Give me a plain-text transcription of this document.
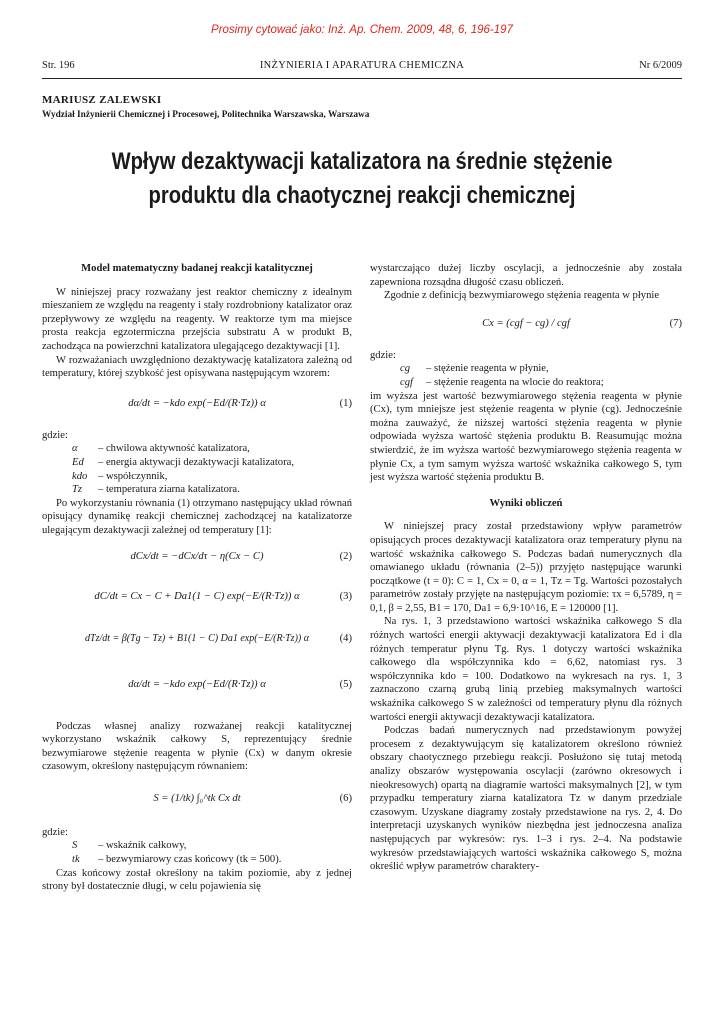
Prosimy cytować jako: Inż. Ap. Chem. 2009, 48, 6, 196-197
INŻYNIERIA I APARATURA CHEMICZNA
Str. 196	Nr 6/2009
MARIUSZ ZALEWSKI
Wydział Inżynierii Chemicznej i Procesowej, Politechnika Warszawska, Warszawa
Wpływ dezaktywacji katalizatora na średnie stężenie
produktu dla chaotycznej reakcji chemicznej
Model matematyczny badanej reakcji katalitycznej

W niniejszej pracy rozważany jest reaktor chemiczny z idealnym mieszaniem ze względu na reagenty i stały rozdrobniony katalizator oraz przepływowy ze względu na reagenty. W reaktorze tym ma miejsce prosta reakcja egzotermiczna przejścia substratu A w produkt B, zachodząca na powierzchni katalizatora ulegającego dezaktywacji [1].

W rozważaniach uwzględniono dezaktywację katalizatora zależną od temperatury, której szybkość jest opisywana następującym wzorem:

dα/dt = −kdo exp(−Ed/(R·Tz)) α	(1)

gdzie:

α	– chwilowa aktywność katalizatora,
Ed	– energia aktywacji dezaktywacji katalizatora,
kdo	– współczynnik,
Tz	– temperatura ziarna katalizatora.

Po wykorzystaniu równania (1) otrzymano następujący układ równań opisujący dynamikę reakcji chemicznej zachodzącej na katalizatorze ulegającym dezaktywacji zależnej od temperatury [1]:

dCx/dt = −dCx/dτ − η(Cx − C)	(2)
dC/dt = Cx − C + Da1(1 − C) exp(−E/(R·Tz)) α	(3)
dTz/dt = β(Tg − Tz) + B1(1 − C) Da1 exp(−E/(R·Tz)) α	(4)
dα/dt = −kdo exp(−Ed/(R·Tz)) α	(5)

Podczas własnej analizy rozważanej reakcji katalitycznej wykorzystano wskaźnik całkowy S, reprezentujący średnie bezwymiarowe stężenie reagenta w płynie (Cx) w danym okresie czasowym, określony następującym równaniem:

S = (1/tk) ∫₀^tk Cx dt	(6)

gdzie:

S	– wskaźnik całkowy,
tk	– bezwymiarowy czas końcowy (tk = 500).

Czas końcowy został określony na takim poziomie, aby z jednej strony był dostatecznie długi, w celu pojawienia się

wystarczająco dużej liczby oscylacji, a jednocześnie aby została zapewniona rozsądna długość czasu obliczeń.

Zgodnie z definicją bezwymiarowego stężenia reagenta w płynie

Cx = (cgf − cg) / cgf	(7)

gdzie:

cg	– stężenie reagenta w płynie,
cgf	– stężenie reagenta na wlocie do reaktora;

im wyższa jest wartość bezwymiarowego stężenia reagenta w płynie (Cx), tym mniejsze jest stężenie reagenta w płynie (cg). Jednocześnie można zauważyć, że niższej wartości stężenia reagenta w płynie odpowiada wyższa wartość stężenia produktu B. Reasumując można stwierdzić, że im wyższa wartość bezwymiarowego stężenia reagenta w płynie Cx, a tym samym wyższa wartość wskaźnika całkowego S, tym jest wyższa wartość stężenia produktu B.

Wyniki obliczeń

W niniejszej pracy został przedstawiony wpływ parametrów opisujących proces dezaktywacji katalizatora oraz temperatury płynu na wartość wskaźnika całkowego S. Podczas badań numerycznych dla omawianego układu (równania (2–5)) przyjęto następujące warunki początkowe (t = 0): C = 1, Cx = 0, α = 1, Tz = Tg. Wartości pozostałych parametrów zostały przyjęte na następującym poziomie: τx = 6,5789, η = 0,1, β = 2,55, B1 = 170, Da1 = 6,9·10^16, E = 120000 [1].

Na rys. 1, 3 przedstawiono wartości wskaźnika całkowego S dla różnych wartości energii aktywacji dezaktywacji katalizatora Ed i dla różnych temperatur płynu Tg. Rys. 1 dotyczy wartości wskaźnika całkowego dla współczynnika kdo = 6,62, natomiast rys. 3 współczynnika kdo = 100. Dodatkowo na wykresach na rys. 1, 3 zaznaczono czarną grubą linią przebieg maksymalnych wartości wskaźnika całkowego S w zależności od temperatury płynu dla różnych wartości energii aktywacji dezaktywacji katalizatora.

Podczas badań numerycznych nad przedstawionym powyżej procesem z dezaktywującym się katalizatorem określono również obszary chaotycznego przebiegu reakcji. Posłużono się tutaj metodą analizy obszarów występowania oscylacji (zarówno okresowych i nieokresowych) opartą na diagramie wartości maksymalnych [2], w tym przypadku temperatury ziarna katalizatora Tz w danym przedziale czasowym. Uzyskane diagramy zostały przedstawione na rys. 2, 4. Do interpretacji uzyskanych wyników niezbędna jest jednoczesna analiza następujących par wykresów: rys. 1–3 i rys. 2–4. Na podstawie wykresów przedstawiających wartości wskaźnika całkowego S, można określić wpływ parametrów charaktery-
